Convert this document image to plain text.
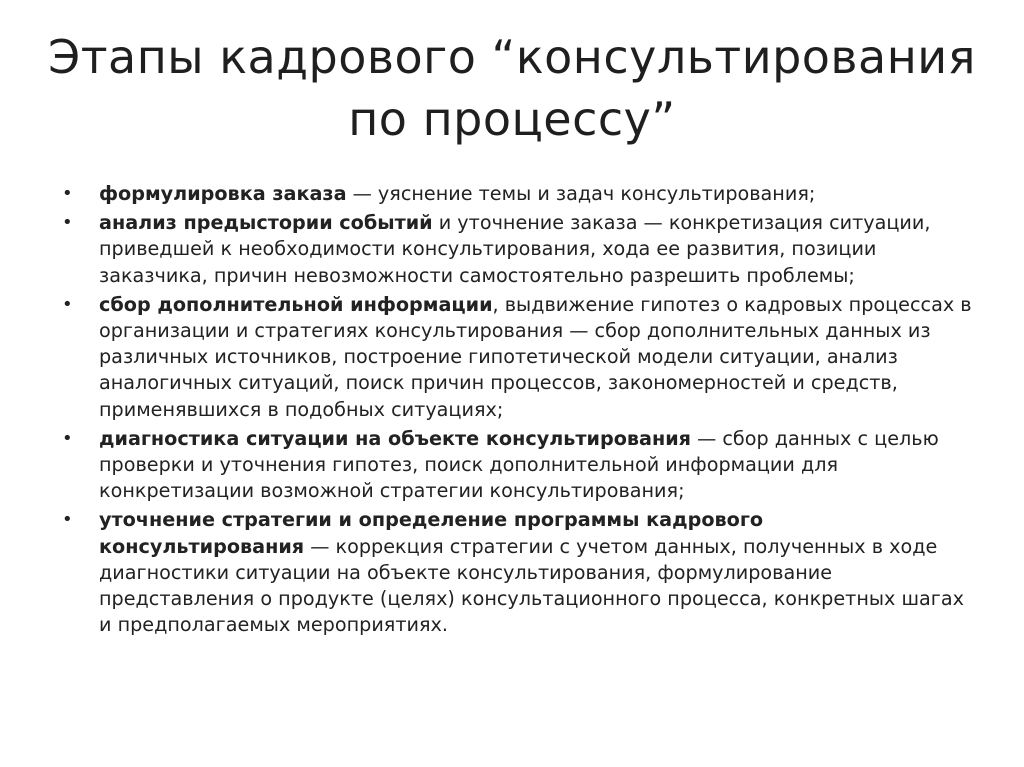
Этапы кадрового “консультирования
по процессу”
•
формулировка заказа — уяснение темы и задач консультирования;
•
анализ предыстории событий и уточнение заказа — конкретизация ситуации, приведшей к необходимости консультирования, хода ее развития, позиции заказчика, причин невозможности самостоятельно разрешить проблемы;
•
сбор дополнительной информации, выдвижение гипотез о кадровых процессах в организации и стратегиях консультирования — сбор дополнительных данных из различных источников, построение гипотетической модели ситуации, анализ аналогичных ситуаций, поиск причин процессов, закономерностей и средств, применявшихся в подобных ситуациях;
•
диагностика ситуации на объекте консультирования — сбор данных с целью проверки и уточнения гипотез, поиск дополнительной информации для конкретизации возможной стратегии консультирования;
•
уточнение стратегии и определение программы кадрового консультирования — коррекция стратегии с учетом данных, полученных в ходе диагностики ситуации на объекте консультирования, формулирование представления о продукте (целях) консультационного процесса, конкретных шагах и предполагаемых мероприятиях.
